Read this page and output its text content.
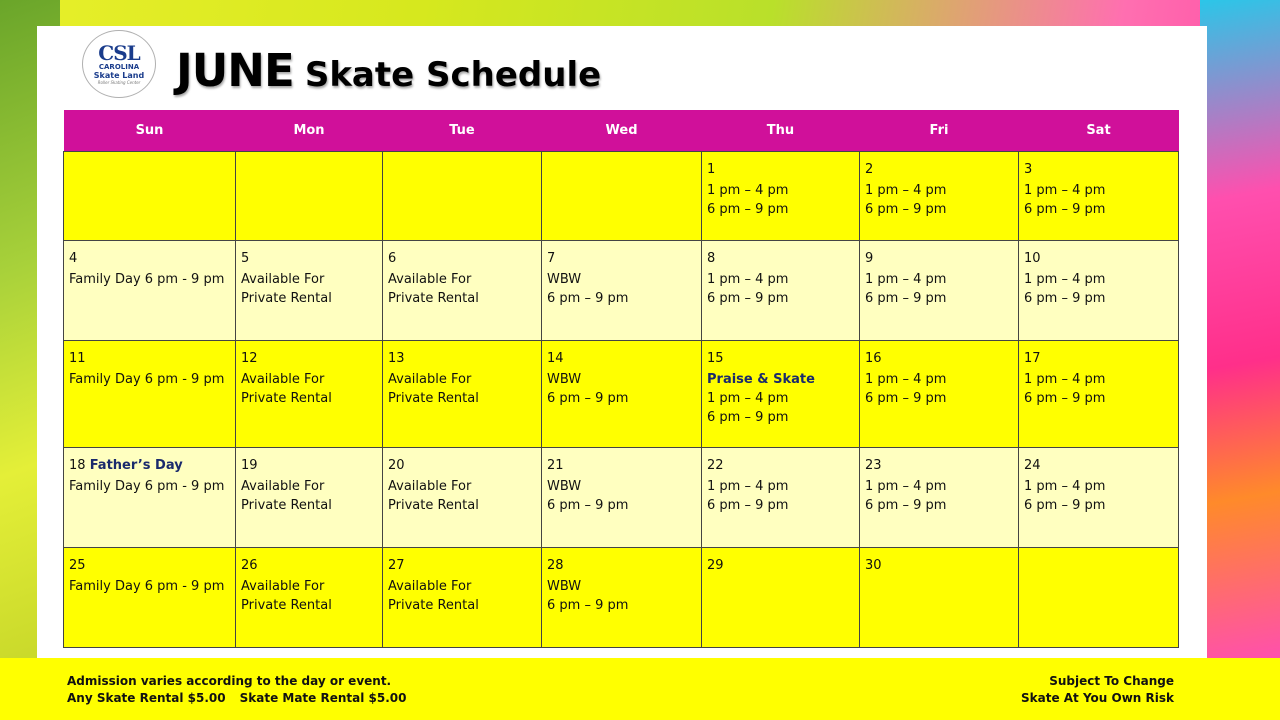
CSL
CAROLINA
Skate Land
Roller Skating Center JUNE Skate Schedule
Sun	Mon	Tue	Wed	Thu	Fri	Sat

				1
1 pm – 4 pm
6 pm – 9 pm	2
1 pm – 4 pm
6 pm – 9 pm	3
1 pm – 4 pm
6 pm – 9 pm

4
Family Day 6 pm - 9 pm	5
Available For
Private Rental	6
Available For
Private Rental	7
WBW
6 pm – 9 pm	8
1 pm – 4 pm
6 pm – 9 pm	9
1 pm – 4 pm
6 pm – 9 pm	10
1 pm – 4 pm
6 pm – 9 pm

11
Family Day 6 pm - 9 pm	12
Available For
Private Rental	13
Available For
Private Rental	14
WBW
6 pm – 9 pm	15
Praise & Skate
1 pm – 4 pm
6 pm – 9 pm	16
1 pm – 4 pm
6 pm – 9 pm	17
1 pm – 4 pm
6 pm – 9 pm

18 Father’s Day
Family Day 6 pm - 9 pm	19
Available For
Private Rental	20
Available For
Private Rental	21
WBW
6 pm – 9 pm	22
1 pm – 4 pm
6 pm – 9 pm	23
1 pm – 4 pm
6 pm – 9 pm	24
1 pm – 4 pm
6 pm – 9 pm

25
Family Day 6 pm - 9 pm	26
Available For
Private Rental	27
Available For
Private Rental	28
WBW
6 pm – 9 pm	29	30	

Admission varies according to the day or event.
Any Skate Rental $5.00 Skate Mate Rental $5.00
Subject To Change
Skate At You Own Risk
